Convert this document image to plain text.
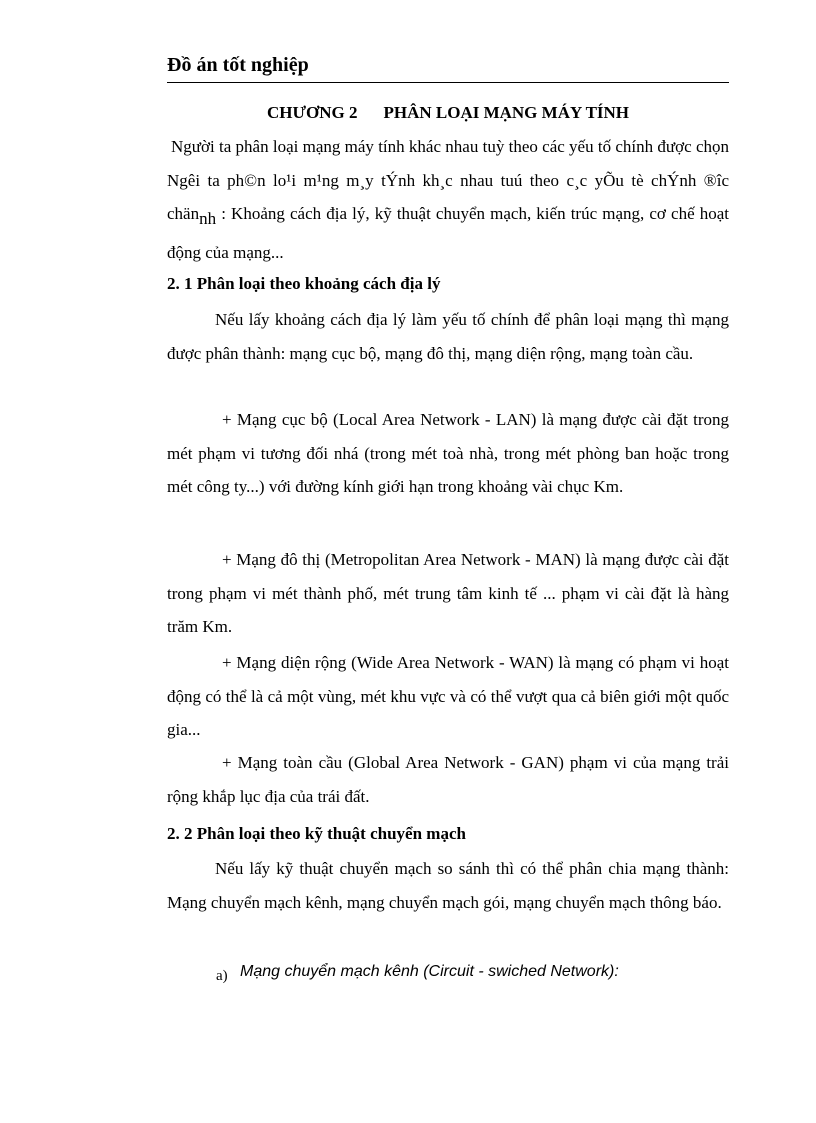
Đồ án tốt nghiệp
CHƯƠNG 2 PHÂN LOẠI MẠNG MÁY TÍNH
Người ta phân loại mạng máy tính khác nhau tuỳ theo các yếu tố chính được chọn Ngêi ta ph©n lo¹i m¹ng m¸y tÝnh kh¸c nhau tuú theo c¸c yÕu tè chÝnh ®îc chännh : Khoảng cách địa lý, kỹ thuật chuyển mạch, kiến trúc mạng, cơ chế hoạt động của mạng...
2. 1 Phân loại theo khoảng cách địa lý
Nếu lấy khoảng cách địa lý làm yếu tố chính để phân loại mạng thì mạng được phân thành: mạng cục bộ, mạng đô thị, mạng diện rộng, mạng toàn cầu.
+ Mạng cục bộ (Local Area Network - LAN) là mạng được cài đặt trong mét phạm vi tương đối nhá (trong mét toà nhà, trong mét phòng ban hoặc trong mét công ty...) với đường kính giới hạn trong khoảng vài chục Km.
+ Mạng đô thị (Metropolitan Area Network - MAN) là mạng được cài đặt trong phạm vi mét thành phố, mét trung tâm kinh tế ... phạm vi cài đặt là hàng trăm Km.
+ Mạng diện rộng (Wide Area Network - WAN) là mạng có phạm vi hoạt động có thể là cả một vùng, mét khu vực và có thể vượt qua cả biên giới một quốc gia...
+ Mạng toàn cầu (Global Area Network - GAN) phạm vi của mạng trải rộng khắp lục địa của trái đất.
2. 2 Phân loại theo kỹ thuật chuyển mạch
Nếu lấy kỹ thuật chuyển mạch so sánh thì có thể phân chia mạng thành: Mạng chuyển mạch kênh, mạng chuyển mạch gói, mạng chuyển mạch thông báo.
a) Mạng chuyển mạch kênh (Circuit - swiched Network):
